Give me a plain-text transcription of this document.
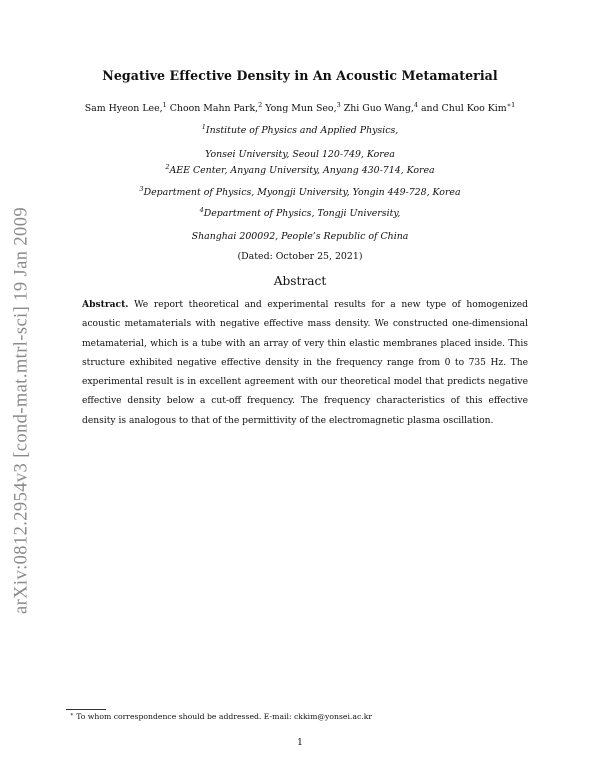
arXiv:0812.2954v3 [cond-mat.mtrl-sci] 19 Jan 2009
Negative Effective Density in An Acoustic Metamaterial
Sam Hyeon Lee,$^1$ Choon Mahn Park,$^2$ Yong Mun Seo,$^3$ Zhi Guo Wang,$^4$ and Chul Koo Kim$^{∗1}$
$^1$Institute of Physics and Applied Physics,
Yonsei University, Seoul 120-749, Korea
$^2$AEE Center, Anyang University, Anyang 430-714, Korea
$^3$Department of Physics, Myongji University, Yongin 449-728, Korea
$^4$Department of Physics, Tongji University,
Shanghai 200092, People’s Republic of China
(Dated: October 25, 2021)
Abstract
Abstract. We report theoretical and experimental results for a new type of homogenized acoustic metamaterials with negative effective mass density. We constructed one-dimensional metamaterial, which is a tube with an array of very thin elastic membranes placed inside. This structure exhibited negative effective density in the frequency range from 0 to 735 Hz. The experimental result is in excellent agreement with our theoretical model that predicts negative effective density below a cut-off frequency. The frequency characteristics of this effective density is analogous to that of the permittivity of the electromagnetic plasma oscillation.
∗ To whom correspondence should be addressed. E-mail: ckkim@yonsei.ac.kr
1
